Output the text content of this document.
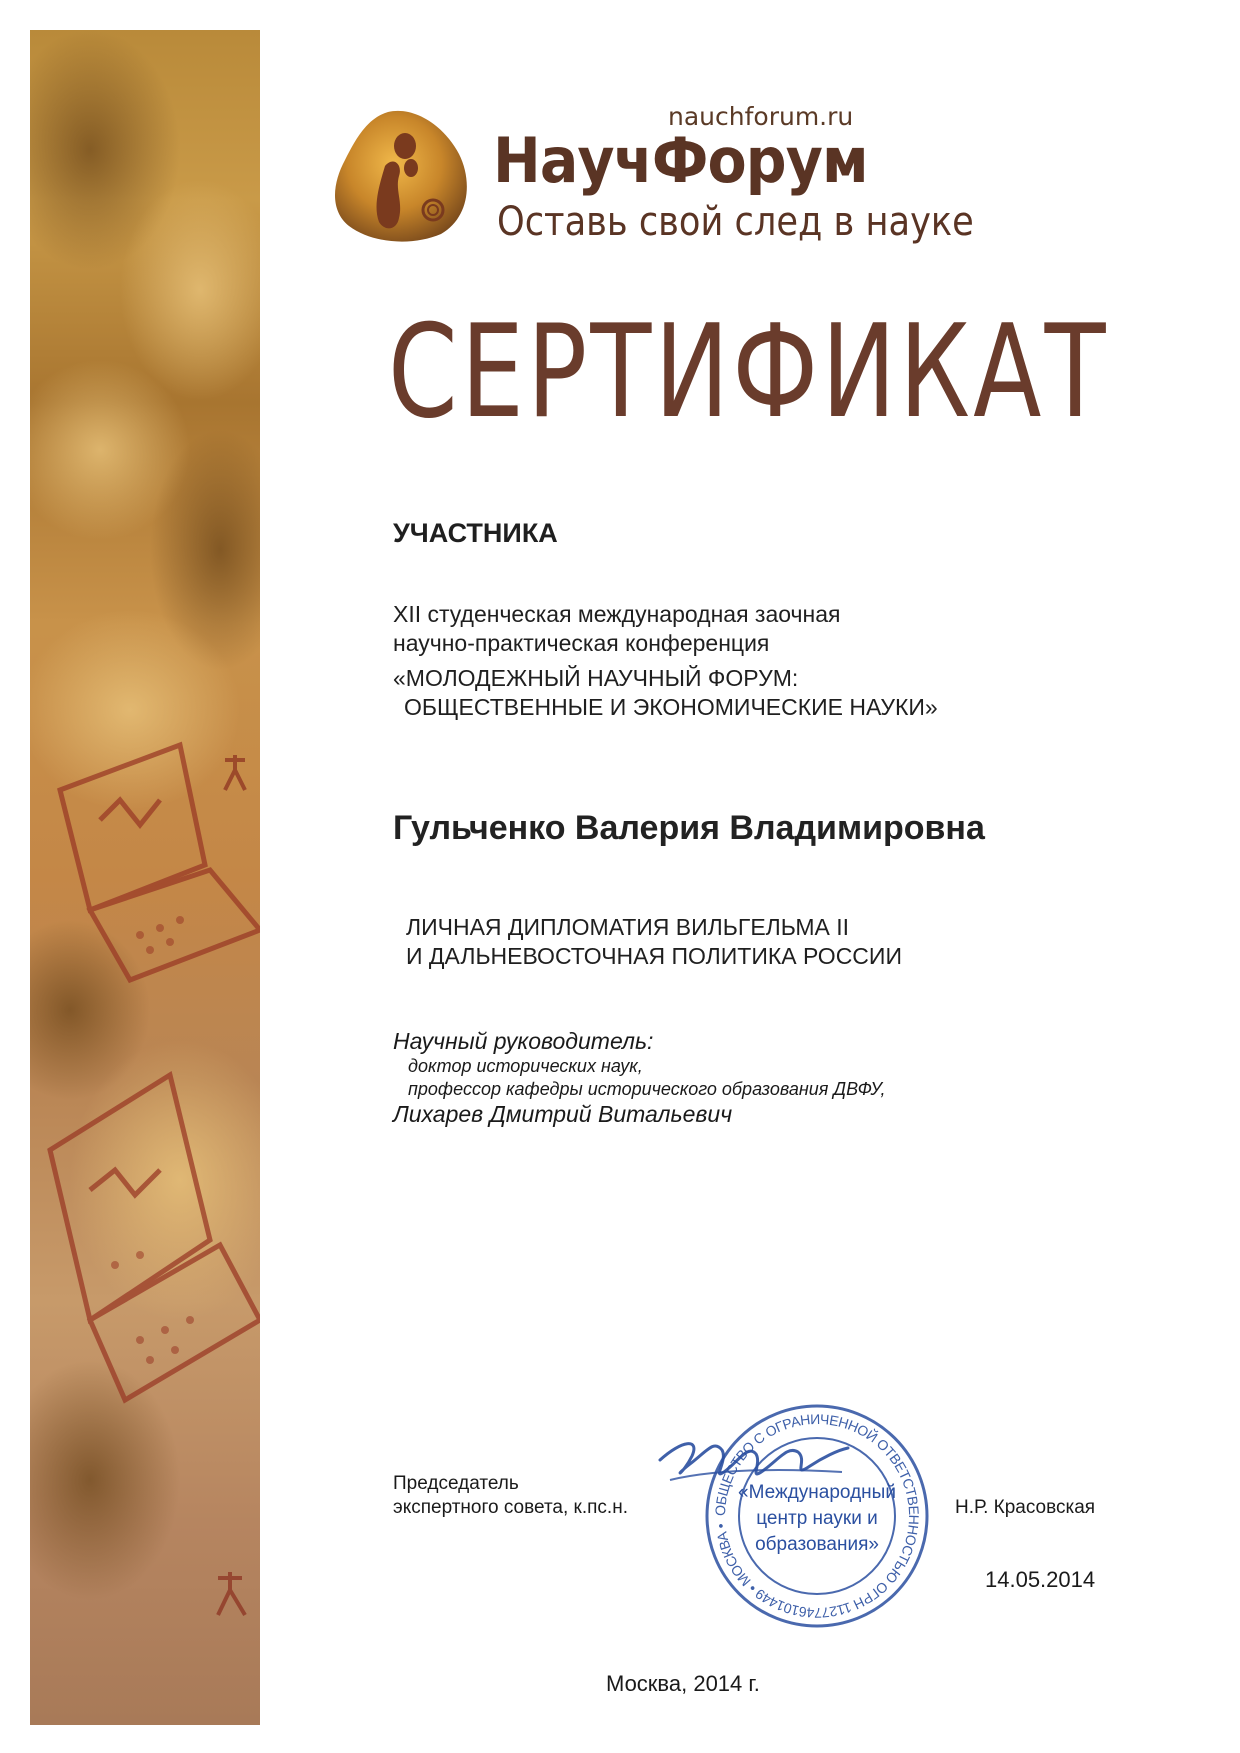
nauchforum.ru
НаучФорум
Оставь свой след в науке
СЕРТИФИКАТ
УЧАСТНИКА
XII студенческая международная заочная
научно-практическая конференция
«МОЛОДЕЖНЫЙ НАУЧНЫЙ ФОРУМ:
ОБЩЕСТВЕННЫЕ И ЭКОНОМИЧЕСКИЕ НАУКИ»
Гульченко Валерия Владимировна
ЛИЧНАЯ ДИПЛОМАТИЯ ВИЛЬГЕЛЬМА II
И ДАЛЬНЕВОСТОЧНАЯ ПОЛИТИКА РОССИИ
Научный руководитель:
доктор исторических наук,
профессор кафедры исторического образования ДВФУ,
Лихарев Дмитрий Витальевич
Председатель
экспертного совета, к.пс.н.	Н.Р. Красовская
ОБЩЕСТВО С ОГРАНИЧЕННОЙ ОТВЕТСТВЕННОСТЬЮ ОГРН 1127746101449 • МОСКВА •
«Международный
центр науки и
образования»
14.05.2014
Москва, 2014 г.
